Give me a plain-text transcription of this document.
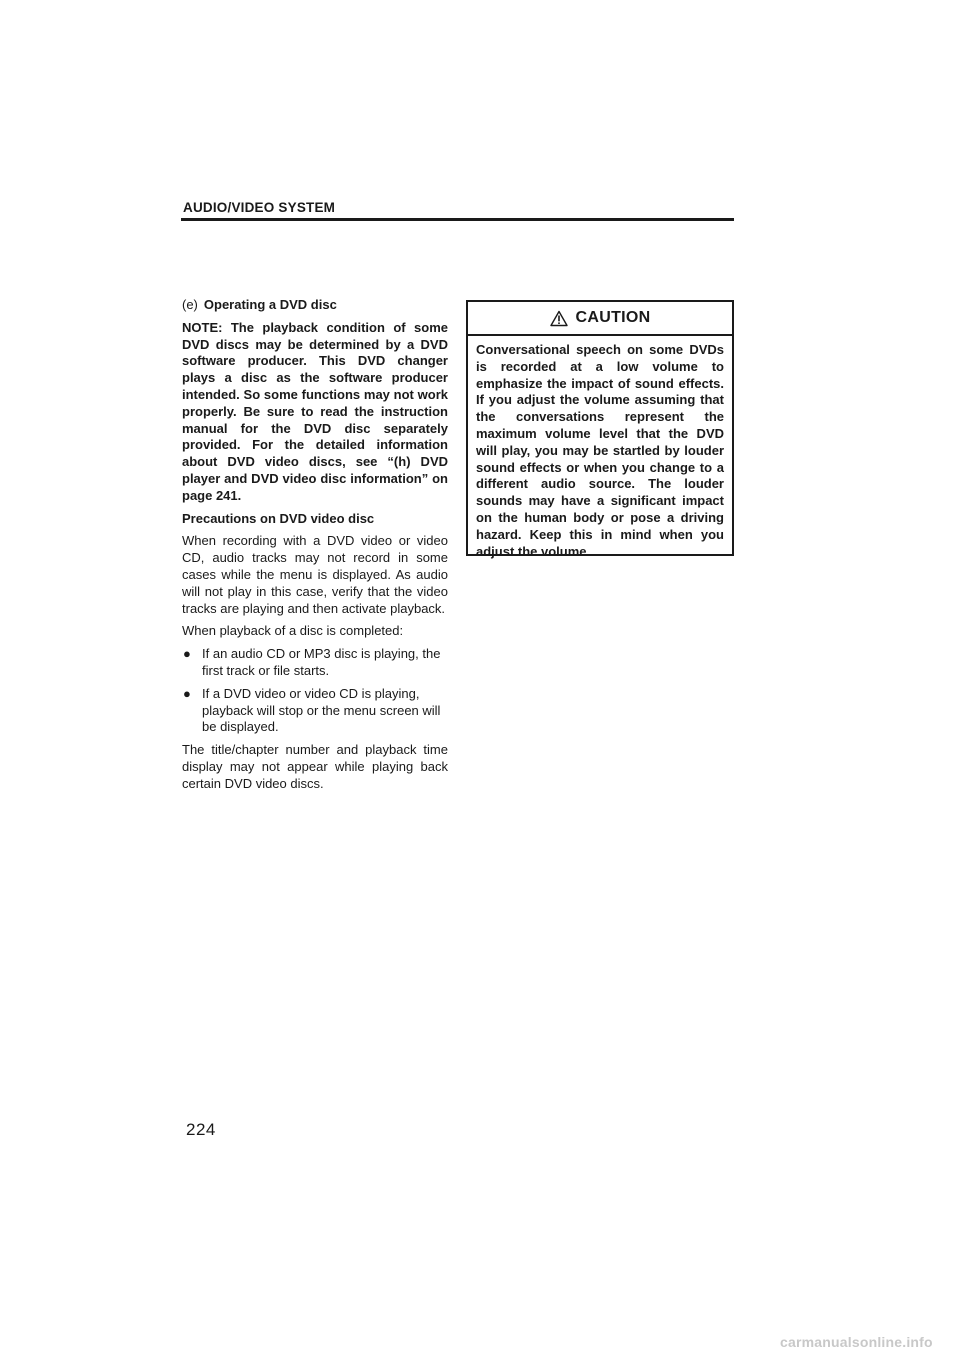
AUDIO/VIDEO SYSTEM

(e) Operating a DVD disc

NOTE: The playback condition of some DVD discs may be determined by a DVD software producer. This DVD changer plays a disc as the software producer intended. So some functions may not work properly. Be sure to read the instruction manual for the DVD disc separately provided. For the detailed information about DVD video discs, see “(h) DVD player and DVD video disc information” on page 241.

Precautions on DVD video disc

When recording with a DVD video or video CD, audio tracks may not record in some cases while the menu is displayed. As audio will not play in this case, verify that the video tracks are playing and then activate playback.

When playback of a disc is completed:

● If an audio CD or MP3 disc is playing, the first track or file starts.
● If a DVD video or video CD is playing, playback will stop or the menu screen will be displayed.

The title/chapter number and playback time display may not appear while playing back certain DVD video discs.

CAUTION
Conversational speech on some DVDs is recorded at a low volume to emphasize the impact of sound effects. If you adjust the volume assuming that the conversations represent the maximum volume level that the DVD will play, you may be startled by louder sound effects or when you change to a different audio source. The louder sounds may have a significant impact on the human body or pose a driving hazard. Keep this in mind when you adjust the volume.
224
carmanualsonline.info
